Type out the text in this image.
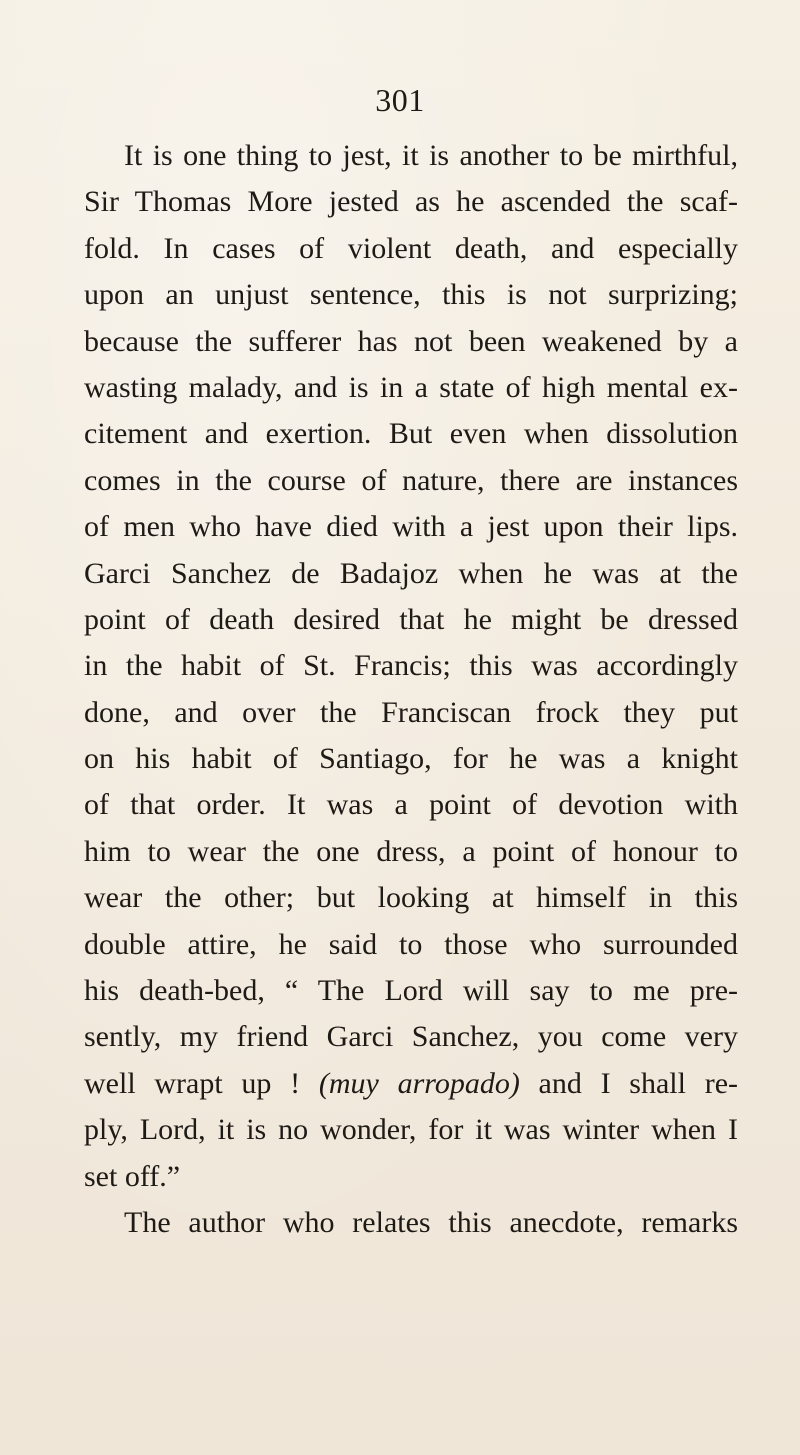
301
It is one thing to jest, it is another to be mirthful,
Sir Thomas More jested as he ascended the scaf-
fold. In cases of violent death, and especially
upon an unjust sentence, this is not surprizing;
because the sufferer has not been weakened by a
wasting malady, and is in a state of high mental ex-
citement and exertion. But even when dissolution
comes in the course of nature, there are instances
of men who have died with a jest upon their lips.
Garci Sanchez de Badajoz when he was at the
point of death desired that he might be dressed
in the habit of St. Francis; this was accordingly
done, and over the Franciscan frock they put
on his habit of Santiago, for he was a knight
of that order. It was a point of devotion with
him to wear the one dress, a point of honour to
wear the other; but looking at himself in this
double attire, he said to those who surrounded
his death-bed, “ The Lord will say to me pre-
sently, my friend Garci Sanchez, you come very
well wrapt up ! (muy arropado) and I shall re-
ply, Lord, it is no wonder, for it was winter when I
set off.”
The author who relates this anecdote, remarks
